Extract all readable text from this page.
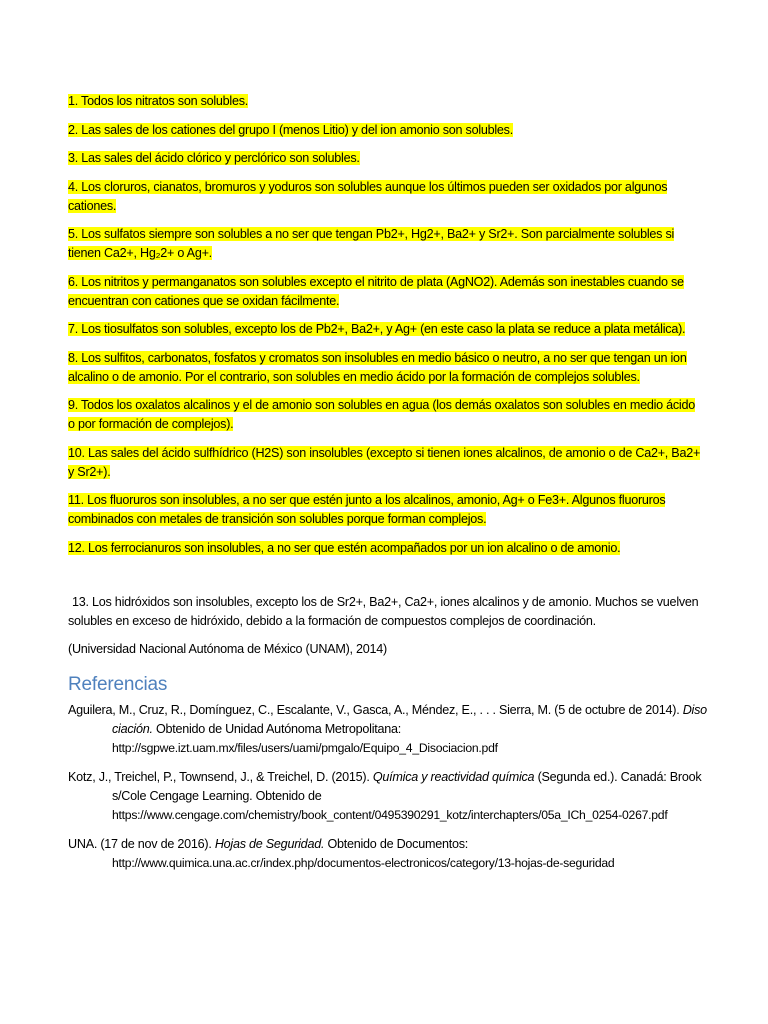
1. Todos los nitratos son solubles.

2. Las sales de los cationes del grupo I (menos Litio) y del ion amonio son solubles.

3. Las sales del ácido clórico y perclórico son solubles.

4. Los cloruros, cianatos, bromuros y yoduros son solubles aunque los últimos pueden ser oxidados por algunos cationes.

5. Los sulfatos siempre son solubles a no ser que tengan Pb2+, Hg2+, Ba2+ y Sr2+. Son parcialmente solubles si tienen Ca2+, Hg₂2+ o Ag+.

6. Los nitritos y permanganatos son solubles excepto el nitrito de plata (AgNO2). Además son inestables cuando se encuentran con cationes que se oxidan fácilmente.

7. Los tiosulfatos son solubles, excepto los de Pb2+, Ba2+, y Ag+ (en este caso la plata se reduce a plata metálica).

8. Los sulfitos, carbonatos, fosfatos y cromatos son insolubles en medio básico o neutro, a no ser que tengan un ion alcalino o de amonio. Por el contrario, son solubles en medio ácido por la formación de complejos solubles.

9. Todos los oxalatos alcalinos y el de amonio son solubles en agua (los demás oxalatos son solubles en medio ácido o por formación de complejos).

10. Las sales del ácido sulfhídrico (H2S) son insolubles (excepto si tienen iones alcalinos, de amonio o de Ca2+, Ba2+ y Sr2+).

11. Los fluoruros son insolubles, a no ser que estén junto a los alcalinos, amonio, Ag+ o Fe3+. Algunos fluoruros combinados con metales de transición son solubles porque forman complejos.

12. Los ferrocianuros son insolubles, a no ser que estén acompañados por un ion alcalino o de amonio.

13. Los hidróxidos son insolubles, excepto los de Sr2+, Ba2+, Ca2+, iones alcalinos y de amonio. Muchos se vuelven solubles en exceso de hidróxido, debido a la formación de compuestos complejos de coordinación.

(Universidad Nacional Autónoma de México (UNAM), 2014)

Referencias

Aguilera, M., Cruz, R., Domínguez, C., Escalante, V., Gasca, A., Méndez, E., . . . Sierra, M. (5 de octubre de 2014). Disociación. Obtenido de Unidad Autónoma Metropolitana:
http://sgpwe.izt.uam.mx/files/users/uami/pmgalo/Equipo_4_Disociacion.pdf

Kotz, J., Treichel, P., Townsend, J., & Treichel, D. (2015). Química y reactividad química (Segunda ed.). Canadá: Brooks/Cole Cengage Learning. Obtenido de
https://www.cengage.com/chemistry/book_content/0495390291_kotz/interchapters/05a_ICh_0254-0267.pdf

UNA. (17 de nov de 2016). Hojas de Seguridad. Obtenido de Documentos:
http://www.quimica.una.ac.cr/index.php/documentos-electronicos/category/13-hojas-de-seguridad
